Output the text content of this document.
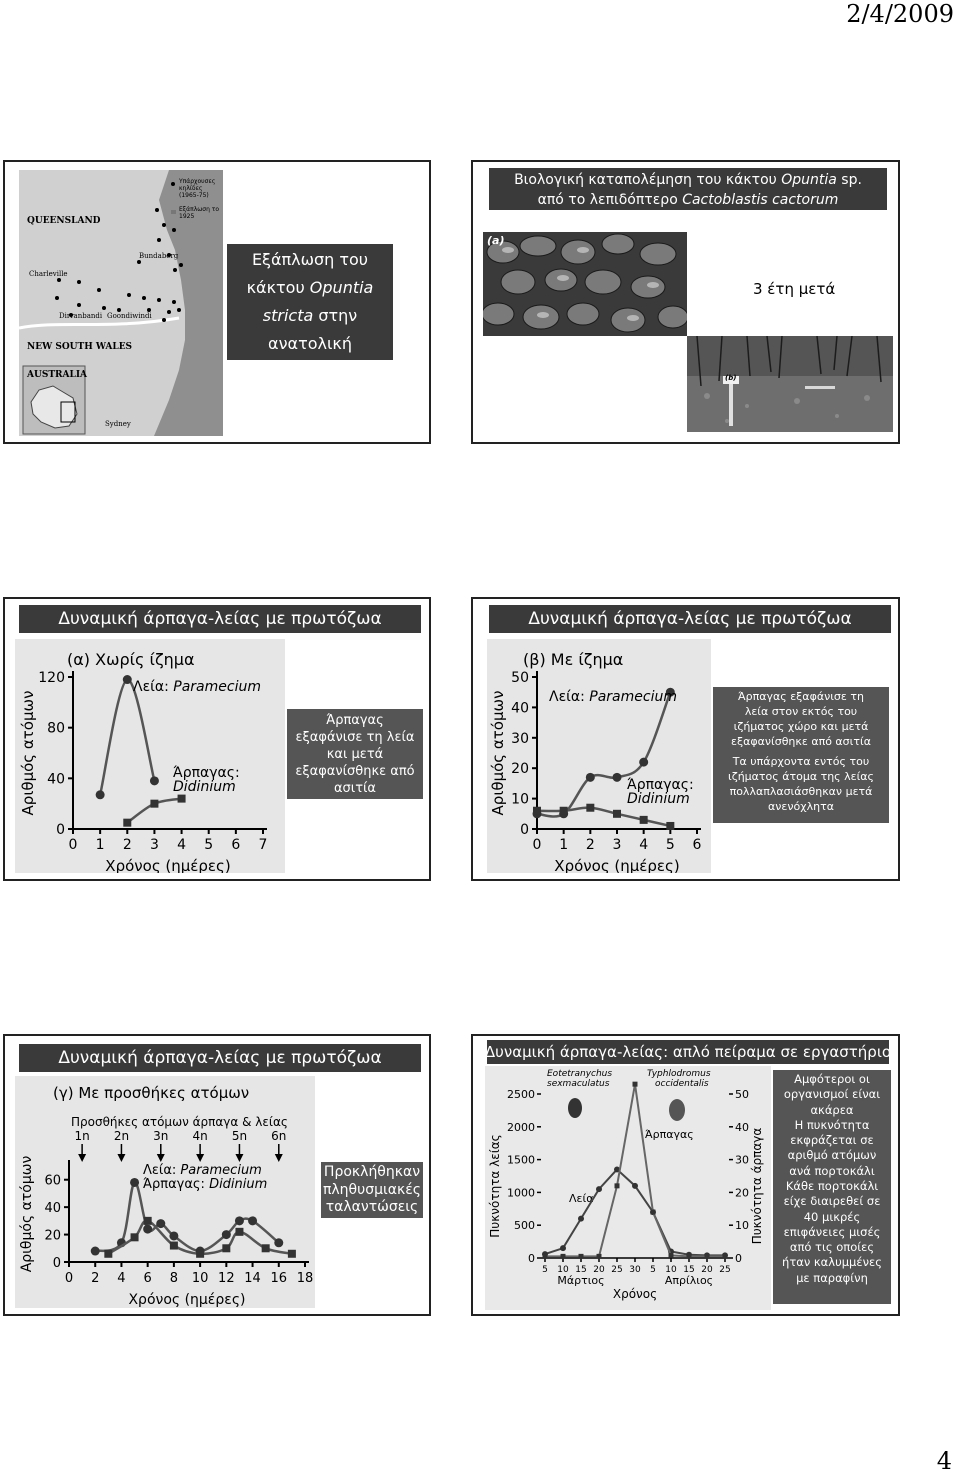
2/4/2009
QUEENSLAND
NEW SOUTH WALES
AUSTRALIA
Charleville
Bundaberg
Dirranbandi Goondiwindi
Sydney
Υπάρχουσες κηλίδες (1965-75)
Εξάπλωση το 1925
Εξάπλωση του
κάκτου Opuntia
stricta στην
ανατολική Αυστραλία
Βιολογική καταπολέμηση του κάκτου Opuntia sp.
από το λεπιδόπτερο Cactoblastis cactorum
(a)
3 έτη μετά
(b)
Δυναμική άρπαγα-λείας με πρωτόζωα
(α) Χωρίς ίζημα
0
40
80
120
0 1 2 3 4 5 6 7
Χρόνος (ημέρες)
Αριθμός ατόμων
Λεία: Paramecium
Άρπαγας:
Didinium
Άρπαγας
εξαφάνισε τη λεία
και μετά
εξαφανίσθηκε από
ασιτία
Δυναμική άρπαγα-λείας με πρωτόζωα
(β) Με ίζημα
0
10
20
30
40
50
0 1 2 3 4 5 6
Χρόνος (ημέρες)
Αριθμός ατόμων	Λεία: Paramecium
Άρπαγας:
Didinium
Άρπαγας εξαφάνισε τη
λεία στον εκτός του
ιζήματος χώρο και μετά
εξαφανίσθηκε από ασιτία
Τα υπάρχοντα εντός του
ιζήματος άτομα της λείας
πολλαπλασιάσθηκαν μετά
ανενόχλητα
Δυναμική άρπαγα-λείας με πρωτόζωα
(γ) Με προσθήκες ατόμων
Προσθήκες ατόμων άρπαγα & λείας
0
20
40
60
0 2 4 6 8 10 12 14 16 18
Χρόνος (ημέρες)
Αριθμός ατόμων	Λεία: Paramecium
Άρπαγας: Didinium
1n 2n 3n 4n 5n 6n
Προκλήθηκαν
πληθυσμιακές
ταλαντώσεις
Δυναμική άρπαγα-λείας: απλό πείραμα σε εργαστήριο
0
500
1000
1500
2000
2500
0
10
20
30
40
50
5 10 15 20 25 30 5 10 15 20 25
Μάρτιος	Απρίλιος
Χρόνος
Πυκνότητα λείας	Πυκνότητα άρπαγα
Eotetranychus
sexmaculatus
Typhlodromus
occidentalis
Άρπαγας
Λεία
Αμφότεροι οι
οργανισμοί είναι
ακάρεα
Η πυκνότητα
εκφράζεται σε
αριθμό ατόμων
ανά πορτοκάλι
Κάθε πορτοκάλι
είχε διαιρεθεί σε
40 μικρές
επιφάνειες μισές
από τις οποίες
ήταν καλυμμένες
με παραφίνη
4
